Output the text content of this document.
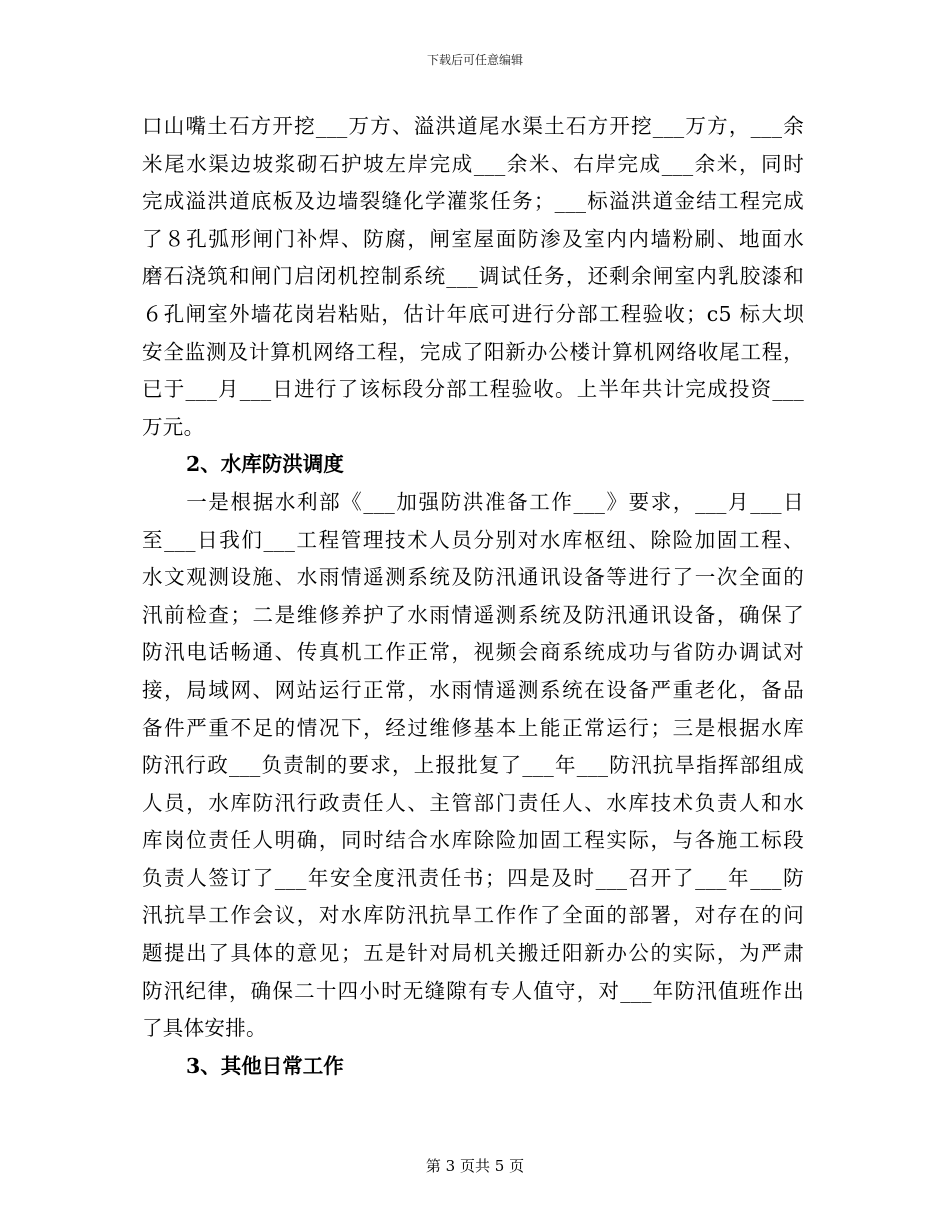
下载后可任意编辑
口山嘴土石方开挖___万方、溢洪道尾水渠土石方开挖___万方，___余
米尾水渠边坡浆砌石护坡左岸完成___余米、右岸完成___余米，同时
完成溢洪道底板及边墙裂缝化学灌浆任务；___标溢洪道金结工程完成
了８孔弧形闸门补焊、防腐，闸室屋面防渗及室内内墙粉刷、地面水
磨石浇筑和闸门启闭机控制系统___调试任务，还剩余闸室内乳胶漆和
６孔闸室外墙花岗岩粘贴，估计年底可进行分部工程验收；c5 标大坝
安全监测及计算机网络工程，完成了阳新办公楼计算机网络收尾工程，
已于___月___日进行了该标段分部工程验收。上半年共计完成投资___
万元。
2、水库防洪调度
　　一是根据水利部《___加强防洪准备工作___》要求，___月___日
至___日我们___工程管理技术人员分别对水库枢纽、除险加固工程、
水文观测设施、水雨情遥测系统及防汛通讯设备等进行了一次全面的
汛前检查；二是维修养护了水雨情遥测系统及防汛通讯设备，确保了
防汛电话畅通、传真机工作正常，视频会商系统成功与省防办调试对
接，局域网、网站运行正常，水雨情遥测系统在设备严重老化，备品
备件严重不足的情况下，经过维修基本上能正常运行；三是根据水库
防汛行政___负责制的要求，上报批复了___年___防汛抗旱指挥部组成
人员，水库防汛行政责任人、主管部门责任人、水库技术负责人和水
库岗位责任人明确，同时结合水库除险加固工程实际，与各施工标段
负责人签订了___年安全度汛责任书；四是及时___召开了___年___防
汛抗旱工作会议，对水库防汛抗旱工作作了全面的部署，对存在的问
题提出了具体的意见；五是针对局机关搬迁阳新办公的实际，为严肃
防汛纪律，确保二十四小时无缝隙有专人值守，对___年防汛值班作出
了具体安排。
3、其他日常工作
第 3 页共 5 页
